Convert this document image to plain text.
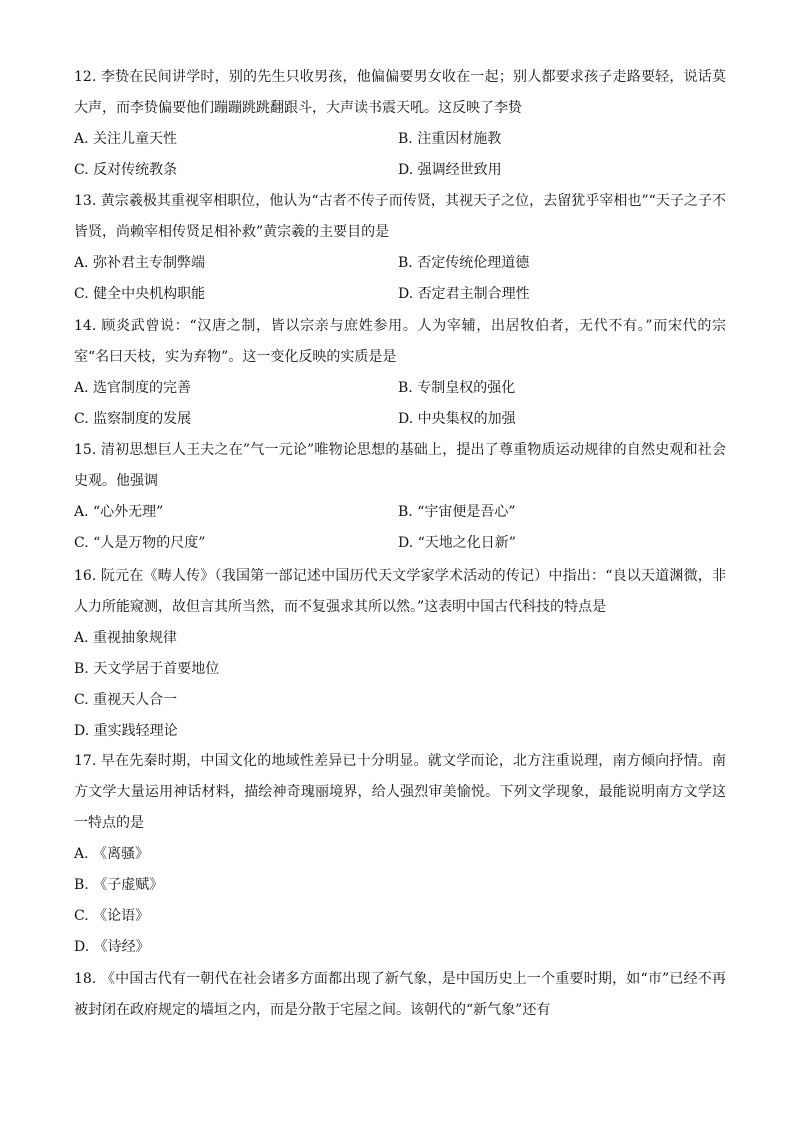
12. 李贽在民间讲学时，别的先生只收男孩，他偏偏要男女收在一起；别人都要求孩子走路要轻，说话莫大声，而李贽偏要他们蹦蹦跳跳翻跟斗，大声读书震天吼。这反映了李贽

A. 关注儿童天性	B. 注重因材施教
C. 反对传统教条	D. 强调经世致用

13. 黄宗羲极其重视宰相职位，他认为“古者不传子而传贤，其视天子之位，去留犹乎宰相也”“天子之子不皆贤，尚赖宰相传贤足相补救”黄宗羲的主要目的是

A. 弥补君主专制弊端	B. 否定传统伦理道德
C. 健全中央机构职能	D. 否定君主制合理性

14. 顾炎武曾说：“汉唐之制，皆以宗亲与庶姓参用。人为宰辅，出居牧伯者，无代不有。”而宋代的宗室“名曰天枝，实为弃物”。这一变化反映的实质是是

A. 选官制度的完善	B. 专制皇权的强化
C. 监察制度的发展	D. 中央集权的加强

15. 清初思想巨人王夫之在”气一元论”唯物论思想的基础上，提出了尊重物质运动规律的自然史观和社会史观。他强调

A. “心外无理”	B. “宇宙便是吾心”
C. “人是万物的尺度”	D. “天地之化日新”

16. 阮元在《畴人传》（我国第一部记述中国历代天文学家学术活动的传记）中指出：“良以天道渊微，非人力所能窥测，故但言其所当然，而不复强求其所以然。”这表明中国古代科技的特点是

A. 重视抽象规律
B. 天文学居于首要地位
C. 重视天人合一
D. 重实践轻理论

17. 早在先秦时期，中国文化的地域性差异已十分明显。就文学而论，北方注重说理，南方倾向抒情。南方文学大量运用神话材料，描绘神奇瑰丽境界，给人强烈审美愉悦。下列文学现象，最能说明南方文学这一特点的是

A. 《离骚》
B. 《子虚赋》
C. 《论语》
D. 《诗经》

18. 《中国古代有一朝代在社会诸多方面都出现了新气象，是中国历史上一个重要时期，如“市”已经不再被封闭在政府规定的墙垣之内，而是分散于宅屋之间。该朝代的“新气象”还有
